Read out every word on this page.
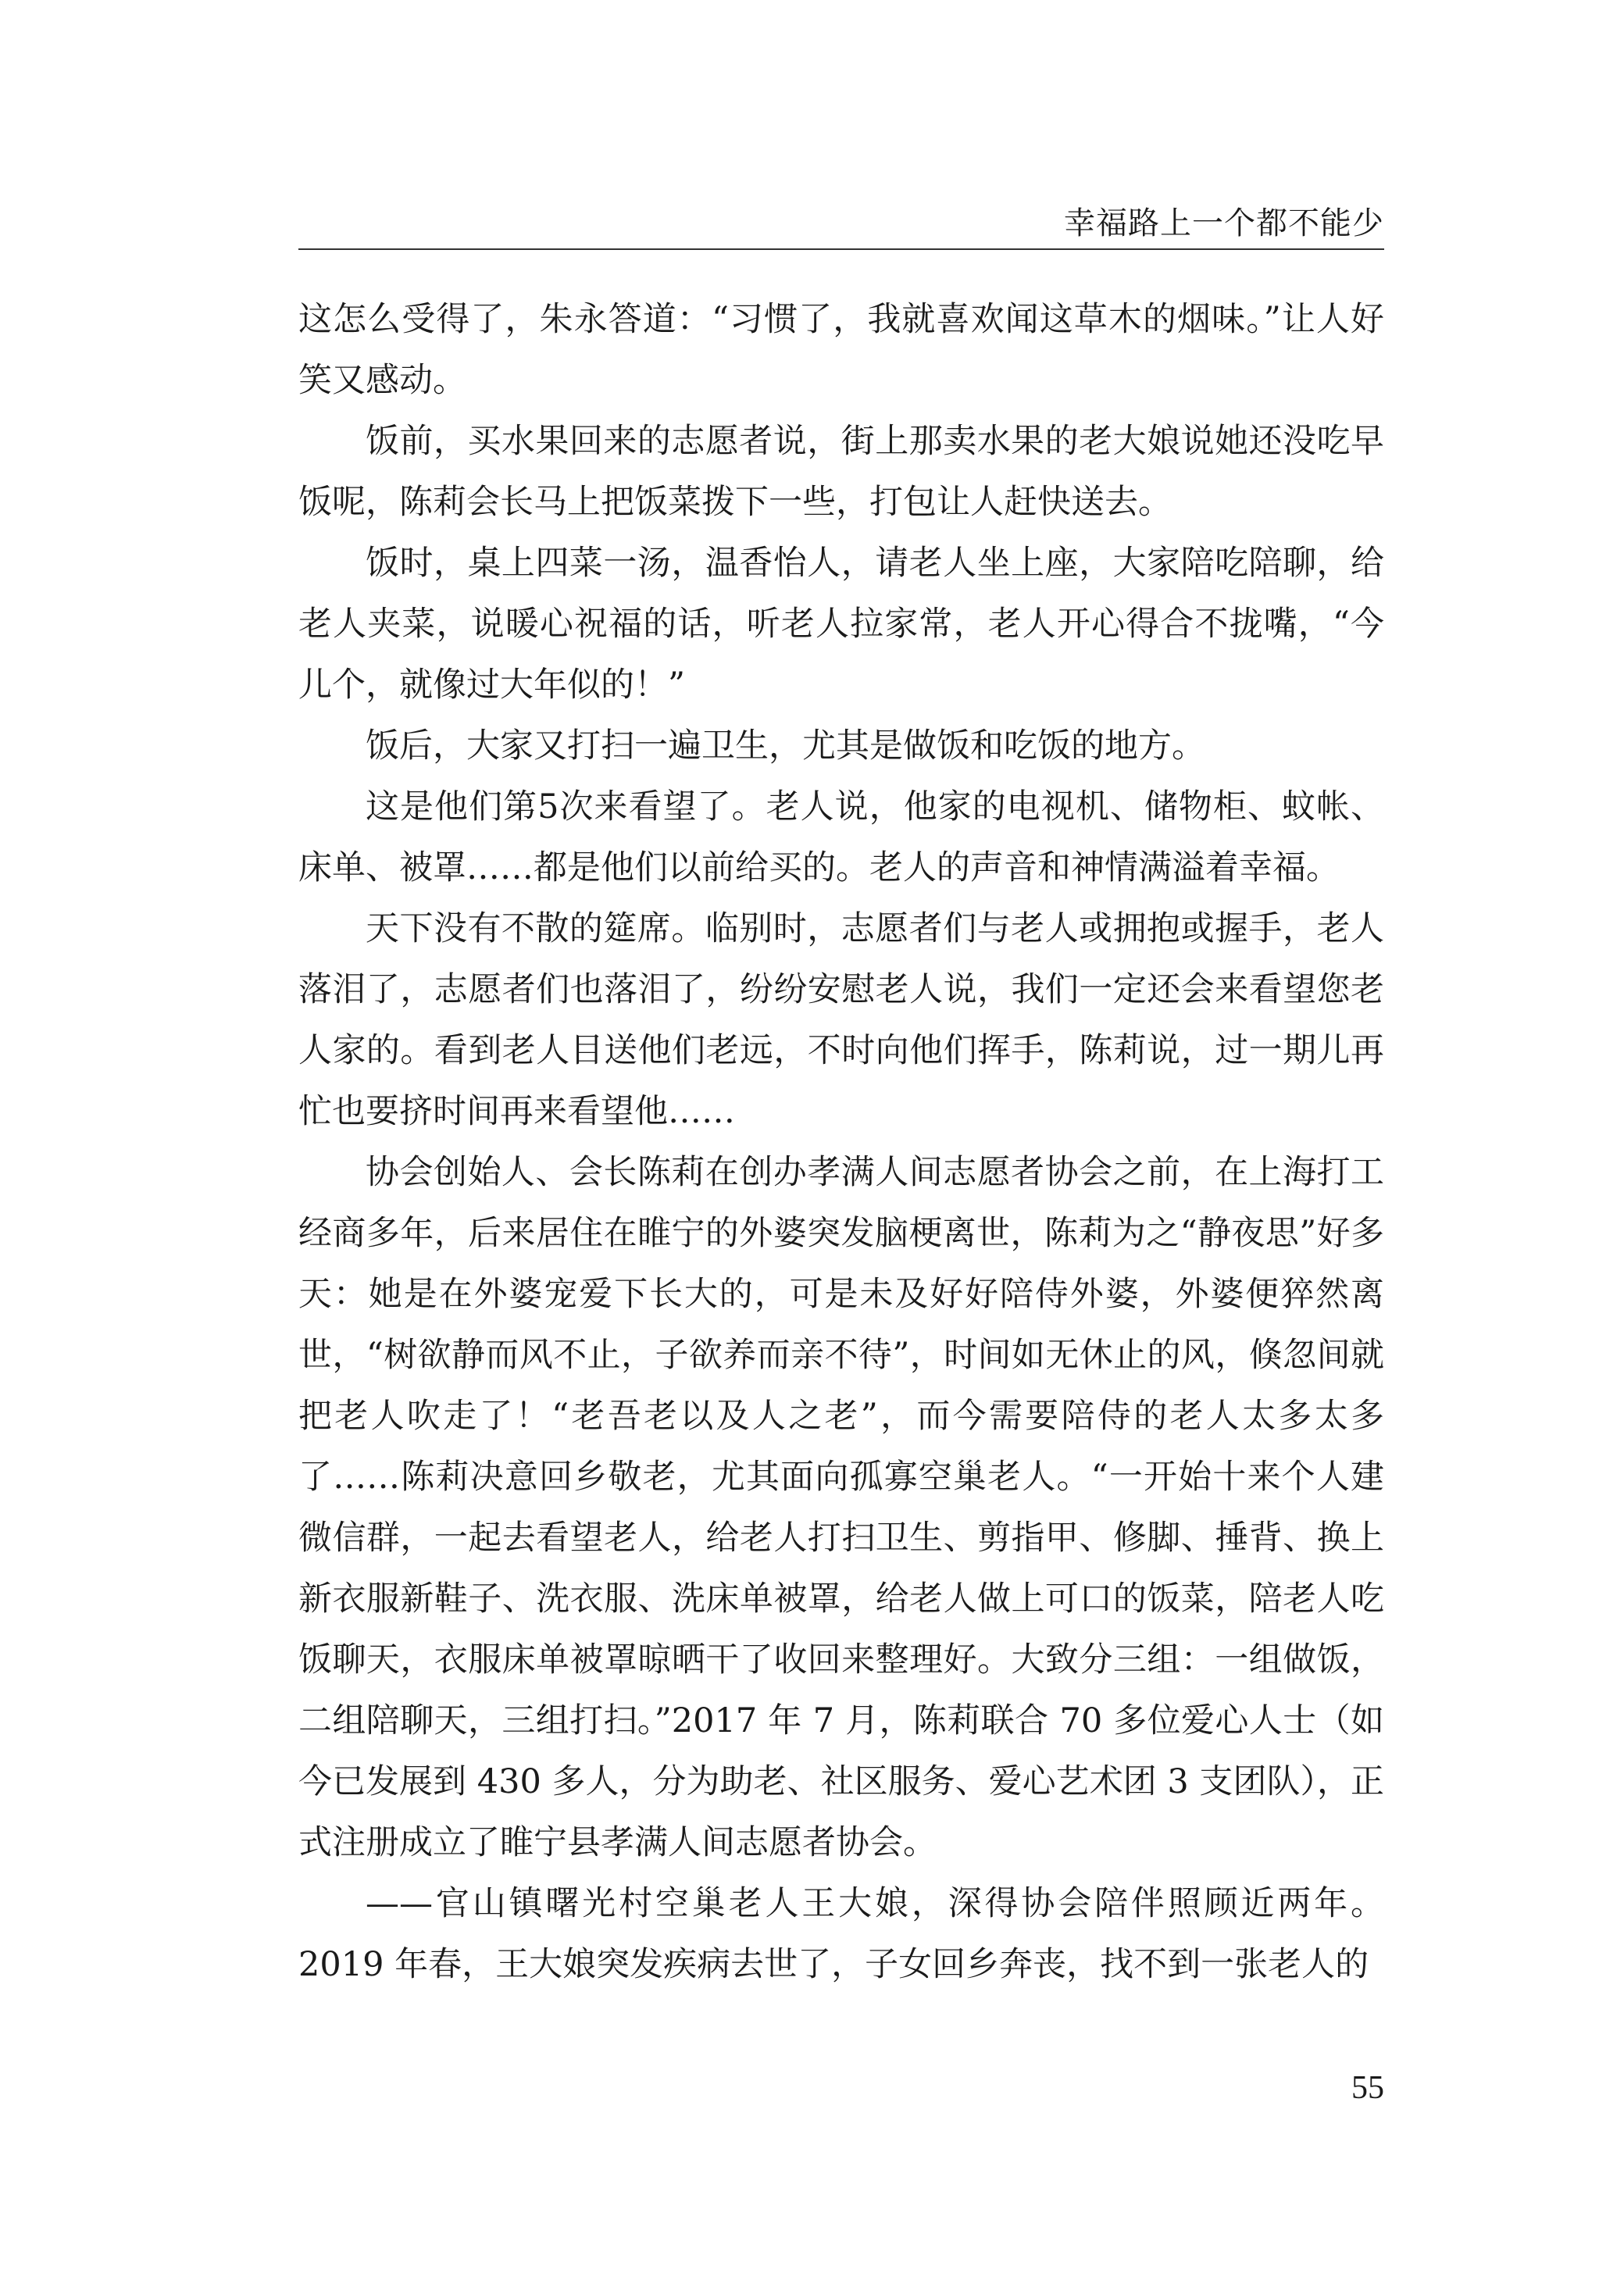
幸福路上一个都不能少

这怎么受得了，朱永答道：“习惯了，我就喜欢闻这草木的烟味。”让人好笑又感动。

饭前，买水果回来的志愿者说，街上那卖水果的老大娘说她还没吃早饭呢，陈莉会长马上把饭菜拨下一些，打包让人赶快送去。

饭时，桌上四菜一汤，温香怡人，请老人坐上座，大家陪吃陪聊，给老人夹菜，说暖心祝福的话，听老人拉家常，老人开心得合不拢嘴，“今儿个，就像过大年似的！”

饭后，大家又打扫一遍卫生，尤其是做饭和吃饭的地方。

这是他们第5次来看望了。老人说，他家的电视机、储物柜、蚊帐、床单、被罩……都是他们以前给买的。老人的声音和神情满溢着幸福。

天下没有不散的筵席。临别时，志愿者们与老人或拥抱或握手，老人落泪了，志愿者们也落泪了，纷纷安慰老人说，我们一定还会来看望您老人家的。看到老人目送他们老远，不时向他们挥手，陈莉说，过一期儿再忙也要挤时间再来看望他……

协会创始人、会长陈莉在创办孝满人间志愿者协会之前，在上海打工经商多年，后来居住在睢宁的外婆突发脑梗离世，陈莉为之“静夜思”好多天：她是在外婆宠爱下长大的，可是未及好好陪侍外婆，外婆便猝然离世，“树欲静而风不止，子欲养而亲不待”，时间如无休止的风，倏忽间就把老人吹走了！“老吾老以及人之老”，而今需要陪侍的老人太多太多了……陈莉决意回乡敬老，尤其面向孤寡空巢老人。“一开始十来个人建微信群，一起去看望老人，给老人打扫卫生、剪指甲、修脚、捶背、换上新衣服新鞋子、洗衣服、洗床单被罩，给老人做上可口的饭菜，陪老人吃饭聊天，衣服床单被罩晾晒干了收回来整理好。大致分三组：一组做饭，二组陪聊天，三组打扫。”2017 年 7 月，陈莉联合 70 多位爱心人士（如今已发展到 430 多人，分为助老、社区服务、爱心艺术团 3 支团队），正式注册成立了睢宁县孝满人间志愿者协会。

——官山镇曙光村空巢老人王大娘，深得协会陪伴照顾近两年。2019 年春，王大娘突发疾病去世了，子女回乡奔丧，找不到一张老人的

55
